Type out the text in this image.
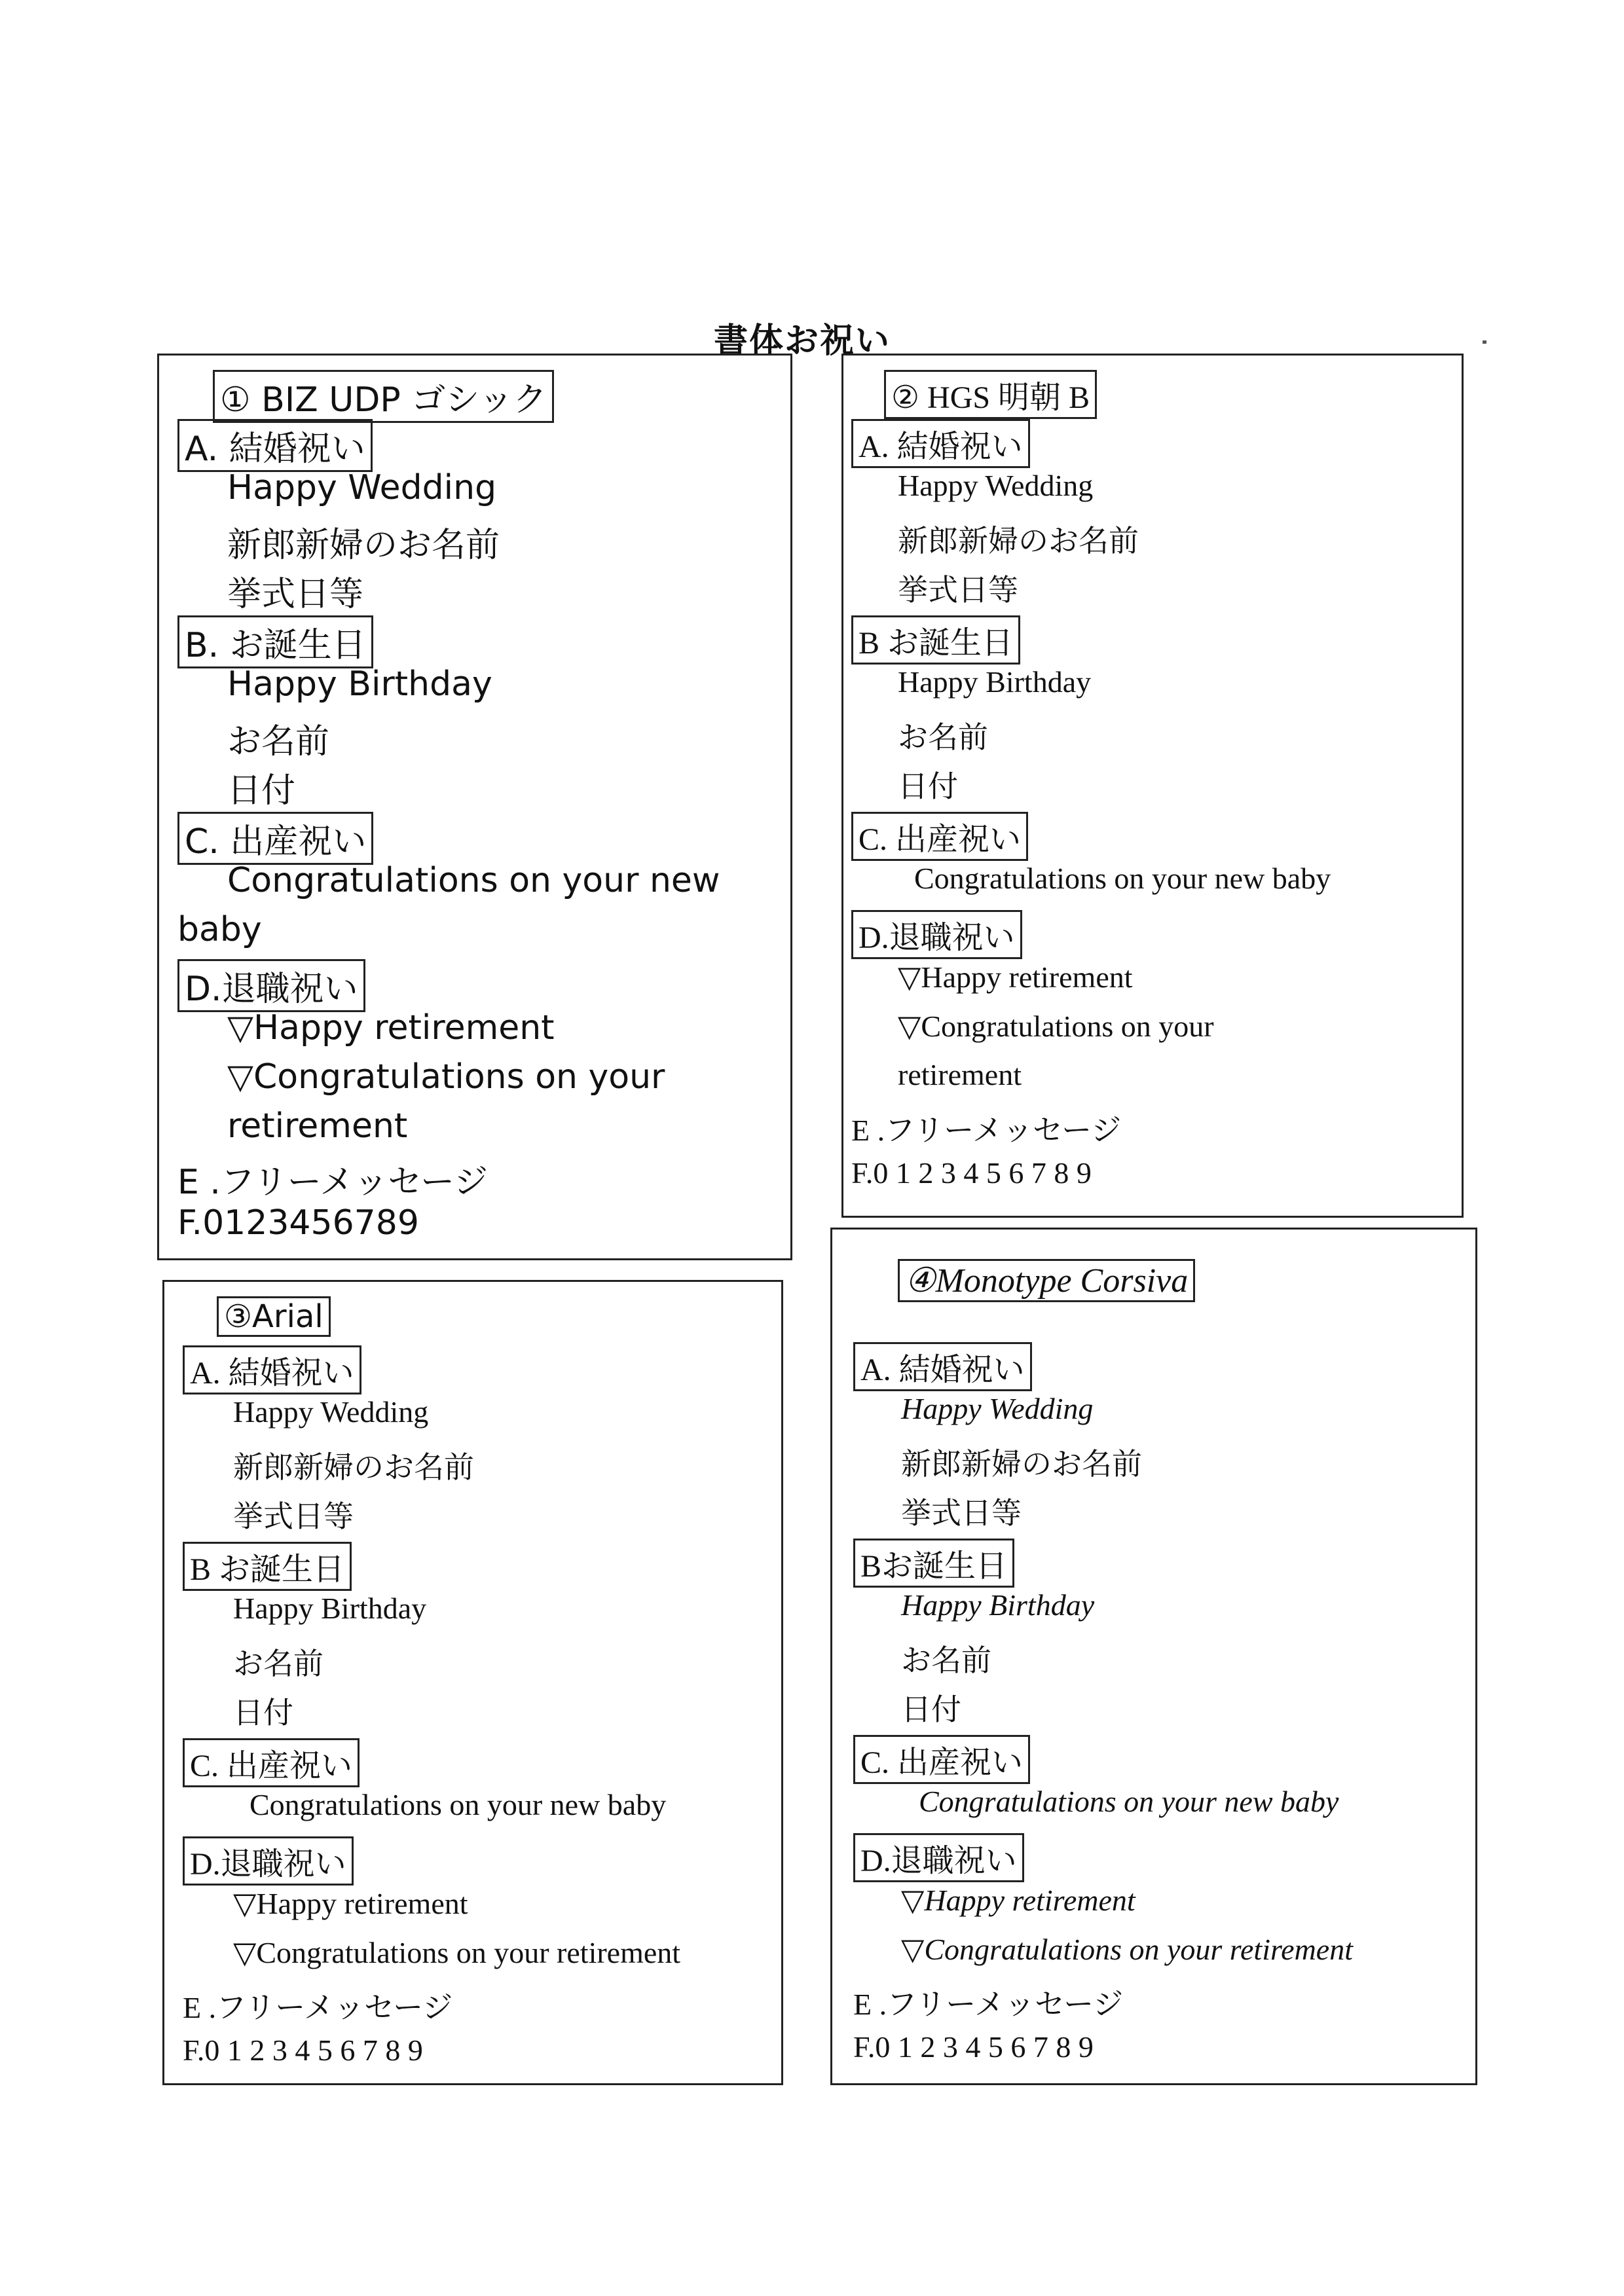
書体お祝い
① BIZ UDP ゴシック
A. 結婚祝い
Happy Wedding
新郎新婦のお名前
挙式日等
B. お誕生日
Happy Birthday
お名前
日付
C. 出産祝い
Congratulations on your new
baby
D.退職祝い
▽Happy retirement
▽Congratulations on your
retirement
E .フリーメッセージ
F.0123456789
② HGS 明朝 B
A. 結婚祝い
Happy Wedding
新郎新婦のお名前
挙式日等
B お誕生日
Happy Birthday
お名前
日付
C. 出産祝い
Congratulations on your new baby
D.退職祝い
▽Happy retirement
▽Congratulations on your
retirement
E .フリーメッセージ
F.0 1 2 3 4 5 6 7 8 9
③Arial
A. 結婚祝い
Happy Wedding
新郎新婦のお名前
挙式日等
B お誕生日
Happy Birthday
お名前
日付
C. 出産祝い
Congratulations on your new baby
D.退職祝い
▽Happy retirement
▽Congratulations on your retirement
E .フリーメッセージ
F.0 1 2 3 4 5 6 7 8 9
④Monotype Corsiva
A. 結婚祝い
Happy Wedding
新郎新婦のお名前
挙式日等
Bお誕生日
Happy Birthday
お名前
日付
C. 出産祝い
Congratulations on your new baby
D.退職祝い
▽Happy retirement
▽Congratulations on your retirement
E .フリーメッセージ
F.0 1 2 3 4 5 6 7 8 9
